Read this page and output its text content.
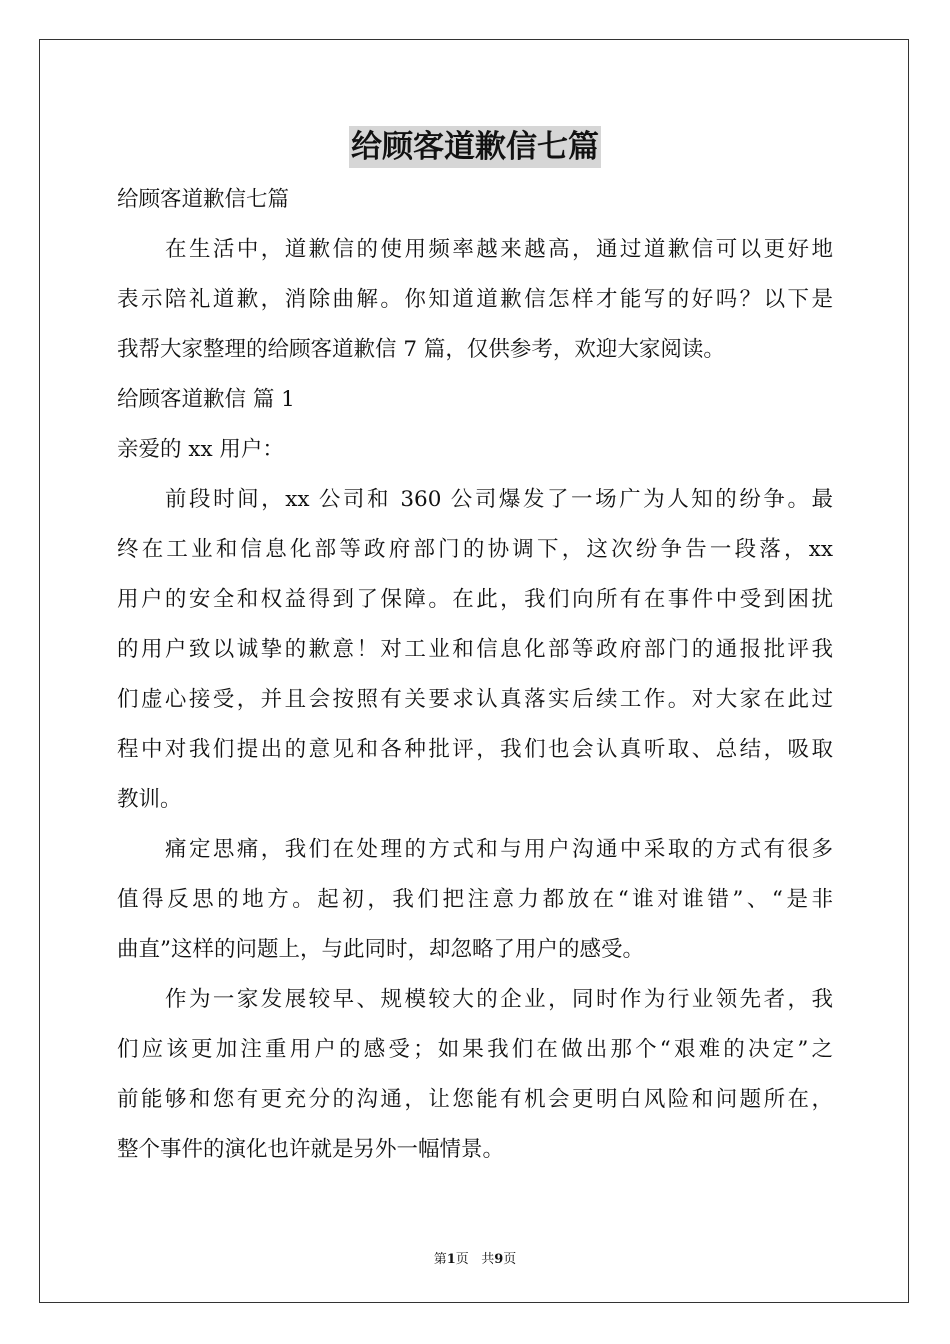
给顾客道歉信七篇
给顾客道歉信七篇
在生活中，道歉信的使用频率越来越高，通过道歉信可以更好地
表示陪礼道歉，消除曲解。你知道道歉信怎样才能写的好吗？以下是
我帮大家整理的给顾客道歉信 7 篇，仅供参考，欢迎大家阅读。
给顾客道歉信 篇 1
亲爱的 xx 用户：
前段时间，xx 公司和 360 公司爆发了一场广为人知的纷争。最
终在工业和信息化部等政府部门的协调下，这次纷争告一段落，xx
用户的安全和权益得到了保障。在此，我们向所有在事件中受到困扰
的用户致以诚挚的歉意！对工业和信息化部等政府部门的通报批评我
们虚心接受，并且会按照有关要求认真落实后续工作。对大家在此过
程中对我们提出的意见和各种批评，我们也会认真听取、总结，吸取
教训。
痛定思痛，我们在处理的方式和与用户沟通中采取的方式有很多
值得反思的地方。起初，我们把注意力都放在“谁对谁错”、“是非
曲直”这样的问题上，与此同时，却忽略了用户的感受。
作为一家发展较早、规模较大的企业，同时作为行业领先者，我
们应该更加注重用户的感受；如果我们在做出那个“艰难的决定”之
前能够和您有更充分的沟通，让您能有机会更明白风险和问题所在，
整个事件的演化也许就是另外一幅情景。
第1页 共9页
